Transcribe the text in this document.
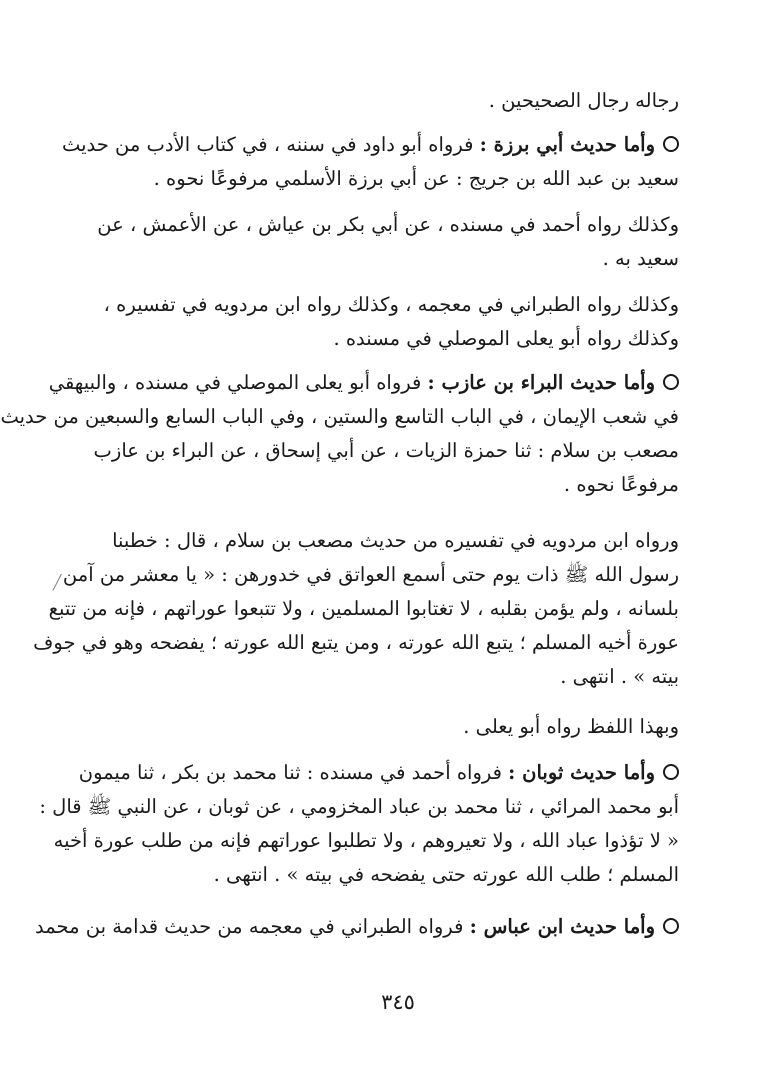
رجاله رجال الصحيحين .
وأما حديث أبي برزة : فرواه أبو داود في سننه ، في كتاب الأدب من حديث
سعيد بن عبد الله بن جريج : عن أبي برزة الأسلمي مرفوعًا نحوه .
وكذلك رواه أحمد في مسنده ، عن أبي بكر بن عياش ، عن الأعمش ، عن
سعيد به .
وكذلك رواه الطبراني في معجمه ، وكذلك رواه ابن مردويه في تفسيره ،
وكذلك رواه أبو يعلى الموصلي في مسنده .
وأما حديث البراء بن عازب : فرواه أبو يعلى الموصلي في مسنده ، والبيهقي
في شعب الإيمان ، في الباب التاسع والستين ، وفي الباب السابع والسبعين من حديث
مصعب بن سلام : ثنا حمزة الزيات ، عن أبي إسحاق ، عن البراء بن عازب
مرفوعًا نحوه .
ورواه ابن مردويه في تفسيره من حديث مصعب بن سلام ، قال : خطبنا
رسول الله ﷺ ذات يوم حتى أسمع العواتق في خدورهن : « يا معشر من آمن
بلسانه ، ولم يؤمن بقلبه ، لا تغتابوا المسلمين ، ولا تتبعوا عوراتهم ، فإنه من تتبع
عورة أخيه المسلم ؛ يتبع الله عورته ، ومن يتبع الله عورته ؛ يفضحه وهو في جوف
بيته » . انتهى .
وبهذا اللفظ رواه أبو يعلى .
وأما حديث ثوبان : فرواه أحمد في مسنده : ثنا محمد بن بكر ، ثنا ميمون
أبو محمد المرائي ، ثنا محمد بن عباد المخزومي ، عن ثوبان ، عن النبي ﷺ قال :
« لا تؤذوا عباد الله ، ولا تعيروهم ، ولا تطلبوا عوراتهم فإنه من طلب عورة أخيه
المسلم ؛ طلب الله عورته حتى يفضحه في بيته » . انتهى .
وأما حديث ابن عباس : فرواه الطبراني في معجمه من حديث قدامة بن محمد
٣٤٥
╱
